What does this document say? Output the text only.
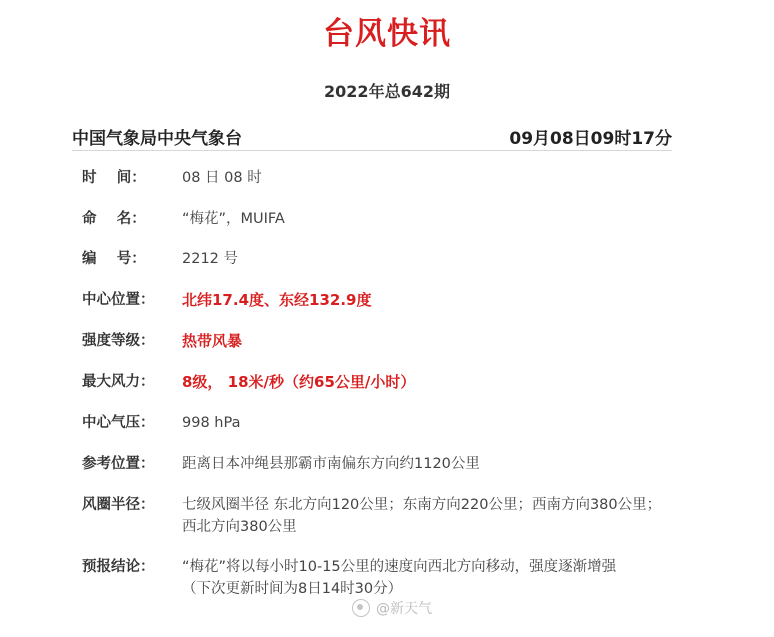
台风快讯
2022年总642期
中国气象局中央气象台	09月08日09时17分
时    间：	08 日 08 时
命    名：	“梅花”，MUIFA
编    号：	2212 号
中心位置：	北纬17.4度、东经132.9度
强度等级：	热带风暴
最大风力：	8级， 18米/秒（约65公里/小时）
中心气压：	998 hPa
参考位置：	距离日本冲绳县那霸市南偏东方向约1120公里
风圈半径：	七级风圈半径 东北方向120公里；东南方向220公里；西南方向380公里；西北方向380公里
预报结论：	“梅花”将以每小时10-15公里的速度向西北方向移动，强度逐渐增强
（下次更新时间为8日14时30分）
@新天气
